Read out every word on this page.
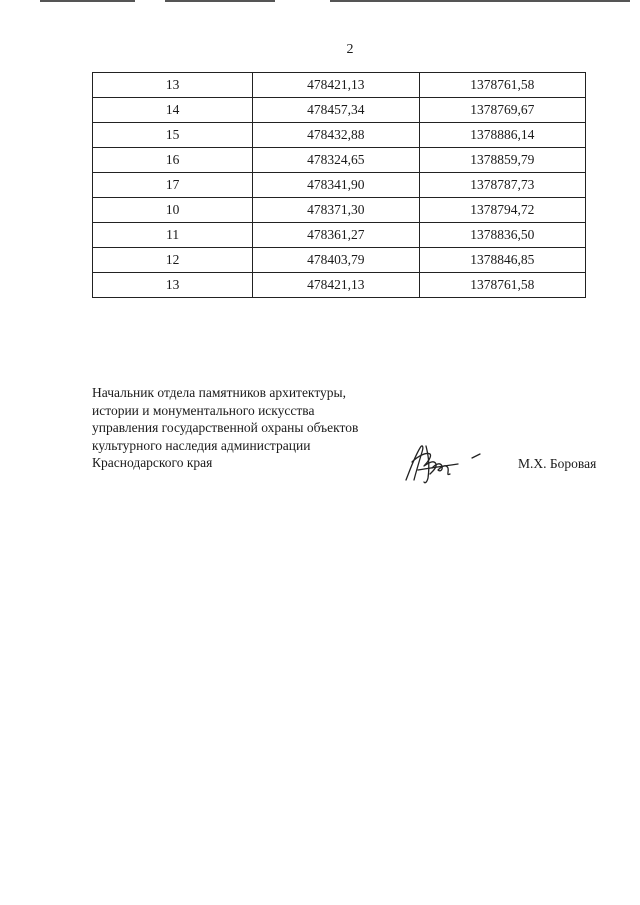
2
13	478421,13	1378761,58
14	478457,34	1378769,67
15	478432,88	1378886,14
16	478324,65	1378859,79
17	478341,90	1378787,73
10	478371,30	1378794,72
11	478361,27	1378836,50
12	478403,79	1378846,85
13	478421,13	1378761,58
Начальник отдела памятников архитектуры,
истории и монументального искусства
управления государственной охраны объектов
культурного наследия администрации
Краснодарского края	М.Х. Боровая
